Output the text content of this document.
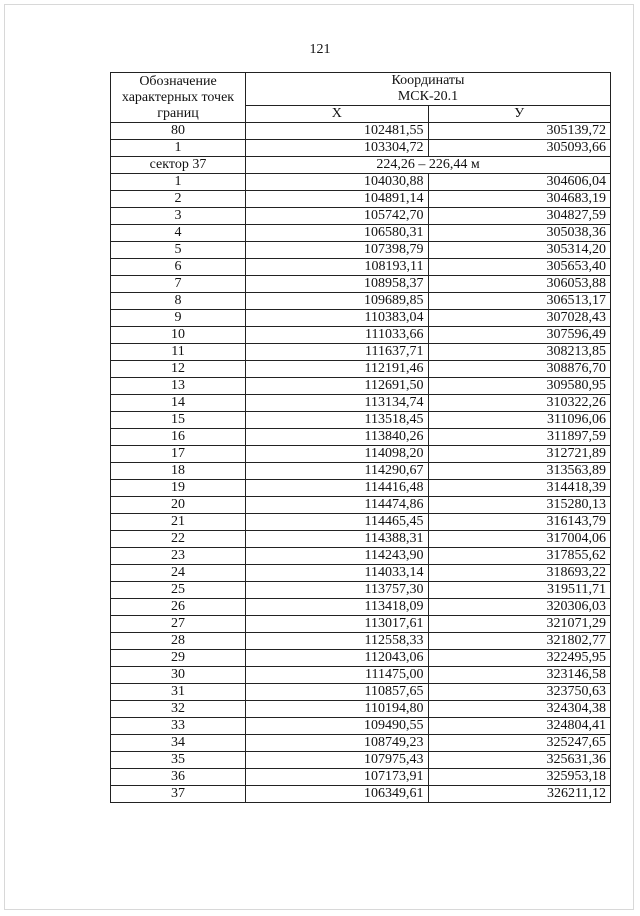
121
Обозначение
характерных точек
границ	Координаты
МСК-20.1	

	Х	У
80	102481,55	305139,72
1	103304,72	305093,66
сектор 37	224,26 – 226,44 м	
1	104030,88	304606,04
2	104891,14	304683,19
3	105742,70	304827,59
4	106580,31	305038,36
5	107398,79	305314,20
6	108193,11	305653,40
7	108958,37	306053,88
8	109689,85	306513,17
9	110383,04	307028,43
10	111033,66	307596,49
11	111637,71	308213,85
12	112191,46	308876,70
13	112691,50	309580,95
14	113134,74	310322,26
15	113518,45	311096,06
16	113840,26	311897,59
17	114098,20	312721,89
18	114290,67	313563,89
19	114416,48	314418,39
20	114474,86	315280,13
21	114465,45	316143,79
22	114388,31	317004,06
23	114243,90	317855,62
24	114033,14	318693,22
25	113757,30	319511,71
26	113418,09	320306,03
27	113017,61	321071,29
28	112558,33	321802,77
29	112043,06	322495,95
30	111475,00	323146,58
31	110857,65	323750,63
32	110194,80	324304,38
33	109490,55	324804,41
34	108749,23	325247,65
35	107975,43	325631,36
36	107173,91	325953,18
37	106349,61	326211,12
